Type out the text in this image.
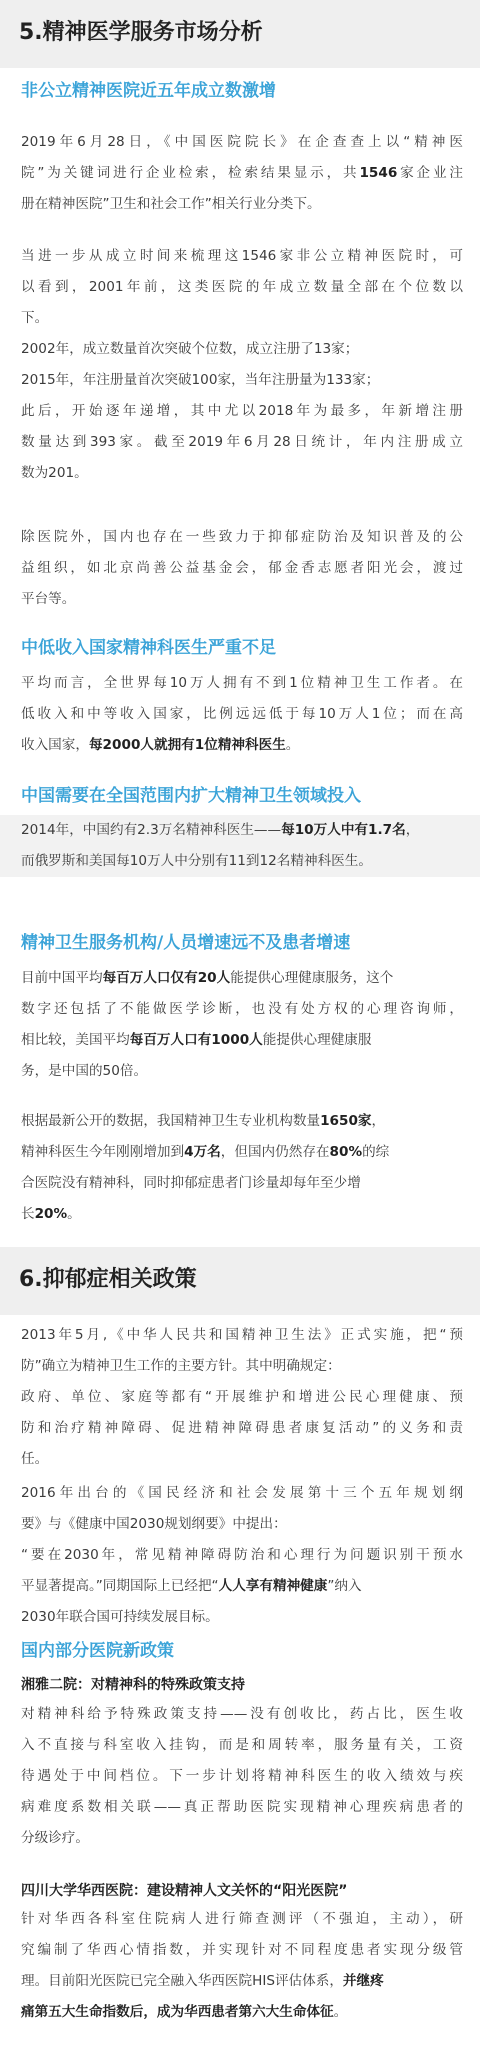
5.精神医学服务市场分析
非公立精神医院近五年成立数激增
2019年6月28日，《中国医院院长》在企查查上以“精神医
院”为关键词进行企业检索，检索结果显示，共1546家企业注
册在精神医院”卫生和社会工作”相关行业分类下。
当进一步从成立时间来梳理这1546家非公立精神医院时，可
以看到，2001年前，这类医院的年成立数量全部在个位数以
下。
2002年，成立数量首次突破个位数，成立注册了13家；
2015年，年注册量首次突破100家，当年注册量为133家；
此后，开始逐年递增，其中尤以2018年为最多，年新增注册
数量达到393家。截至2019年6月28日统计，年内注册成立
数为201。
除医院外，国内也存在一些致力于抑郁症防治及知识普及的公
益组织，如北京尚善公益基金会，郁金香志愿者阳光会，渡过
平台等。
中低收入国家精神科医生严重不足
平均而言，全世界每10万人拥有不到1位精神卫生工作者。在
低收入和中等收入国家，比例远远低于每10万人1位；而在高
收入国家，每2000人就拥有1位精神科医生。
中国需要在全国范围内扩大精神卫生领域投入
2014年，中国约有2.3万名精神科医生——每10万人中有1.7名，
而俄罗斯和美国每10万人中分别有11到12名精神科医生。
精神卫生服务机构/人员增速远不及患者增速
目前中国平均每百万人口仅有20人能提供心理健康服务，这个
数字还包括了不能做医学诊断，也没有处方权的心理咨询师，
相比较，美国平均每百万人口有1000人能提供心理健康服
务，是中国的50倍。
根据最新公开的数据，我国精神卫生专业机构数量1650家，
精神科医生今年刚刚增加到4万名，但国内仍然存在80%的综
合医院没有精神科，同时抑郁症患者门诊量却每年至少增
长20%。
6.抑郁症相关政策
2013年5月,《中华人民共和国精神卫生法》正式实施，把“预
防”确立为精神卫生工作的主要方针。其中明确规定：
政府、单位、家庭等都有“开展维护和增进公民心理健康、预
防和治疗精神障碍、促进精神障碍患者康复活动”的义务和责
任。
2016年出台的《国民经济和社会发展第十三个五年规划纲
要》与《健康中国2030规划纲要》中提出：
“要在2030年，常见精神障碍防治和心理行为问题识别干预水
平显著提高。”同期国际上已经把“人人享有精神健康”纳入
2030年联合国可持续发展目标。
国内部分医院新政策
湘雅二院：对精神科的特殊政策支持
对精神科给予特殊政策支持——没有创收比，药占比，医生收
入不直接与科室收入挂钩，而是和周转率，服务量有关，工资
待遇处于中间档位。下一步计划将精神科医生的收入绩效与疾
病难度系数相关联——真正帮助医院实现精神心理疾病患者的
分级诊疗。
四川大学华西医院：建设精神人文关怀的“阳光医院”
针对华西各科室住院病人进行筛查测评（不强迫，主动），研
究编制了华西心情指数，并实现针对不同程度患者实现分级管
理。目前阳光医院已完全融入华西医院HIS评估体系，并继疼
痛第五大生命指数后，成为华西患者第六大生命体征。
